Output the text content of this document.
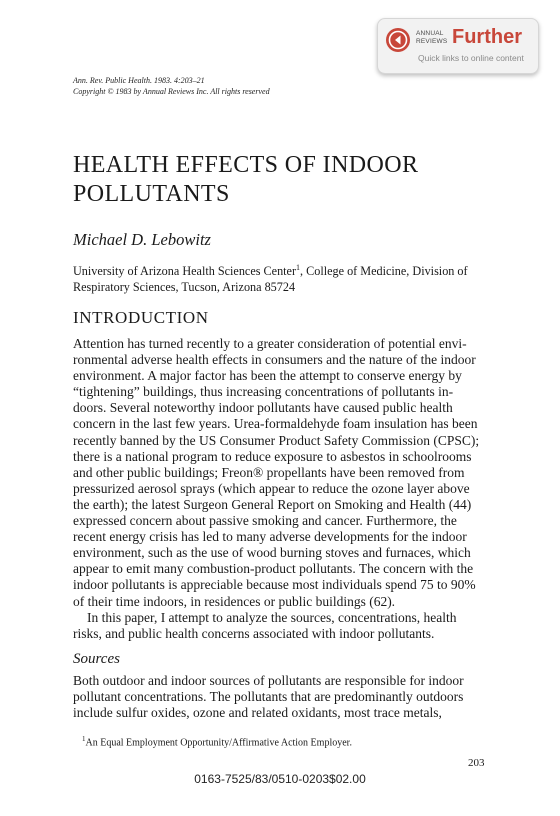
ANNUAL
REVIEWS Further
Quick links to online content
Ann. Rev. Public Health. 1983. 4:203–21
Copyright © 1983 by Annual Reviews Inc. All rights reserved
HEALTH EFFECTS OF INDOOR
POLLUTANTS
Michael D. Lebowitz
University of Arizona Health Sciences Center$^1$, College of Medicine, Division of
Respiratory Sciences, Tucson, Arizona 85724
INTRODUCTION
Attention has turned recently to a greater consideration of potential envi-
ronmental adverse health effects in consumers and the nature of the indoor
environment. A major factor has been the attempt to conserve energy by
“tightening” buildings, thus increasing concentrations of pollutants in-
doors. Several noteworthy indoor pollutants have caused public health
concern in the last few years. Urea-formaldehyde foam insulation has been
recently banned by the US Consumer Product Safety Commission (CPSC);
there is a national program to reduce exposure to asbestos in schoolrooms
and other public buildings; Freon® propellants have been removed from
pressurized aerosol sprays (which appear to reduce the ozone layer above
the earth); the latest Surgeon General Report on Smoking and Health (44)
expressed concern about passive smoking and cancer. Furthermore, the
recent energy crisis has led to many adverse developments for the indoor
environment, such as the use of wood burning stoves and furnaces, which
appear to emit many combustion-product pollutants. The concern with the
indoor pollutants is appreciable because most individuals spend 75 to 90%
of their time indoors, in residences or public buildings (62).
In this paper, I attempt to analyze the sources, concentrations, health
risks, and public health concerns associated with indoor pollutants.
Sources
Both outdoor and indoor sources of pollutants are responsible for indoor
pollutant concentrations. The pollutants that are predominantly outdoors
include sulfur oxides, ozone and related oxidants, most trace metals,
$^1$An Equal Employment Opportunity/Affirmative Action Employer.
203
0163-7525/83/0510-0203$02.00
